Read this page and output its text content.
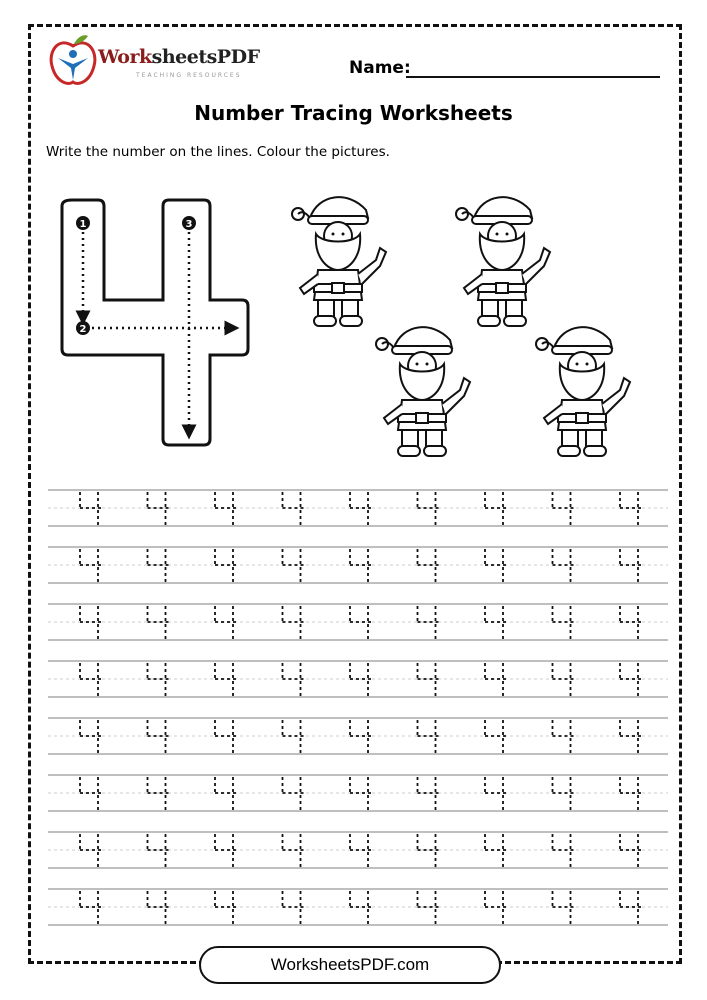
WorksheetsPDF
TEACHING RESOURCES	Name:
Number Tracing Worksheets
Write the number on the lines. Colour the pictures.
1
2
3
WorksheetsPDF.com
